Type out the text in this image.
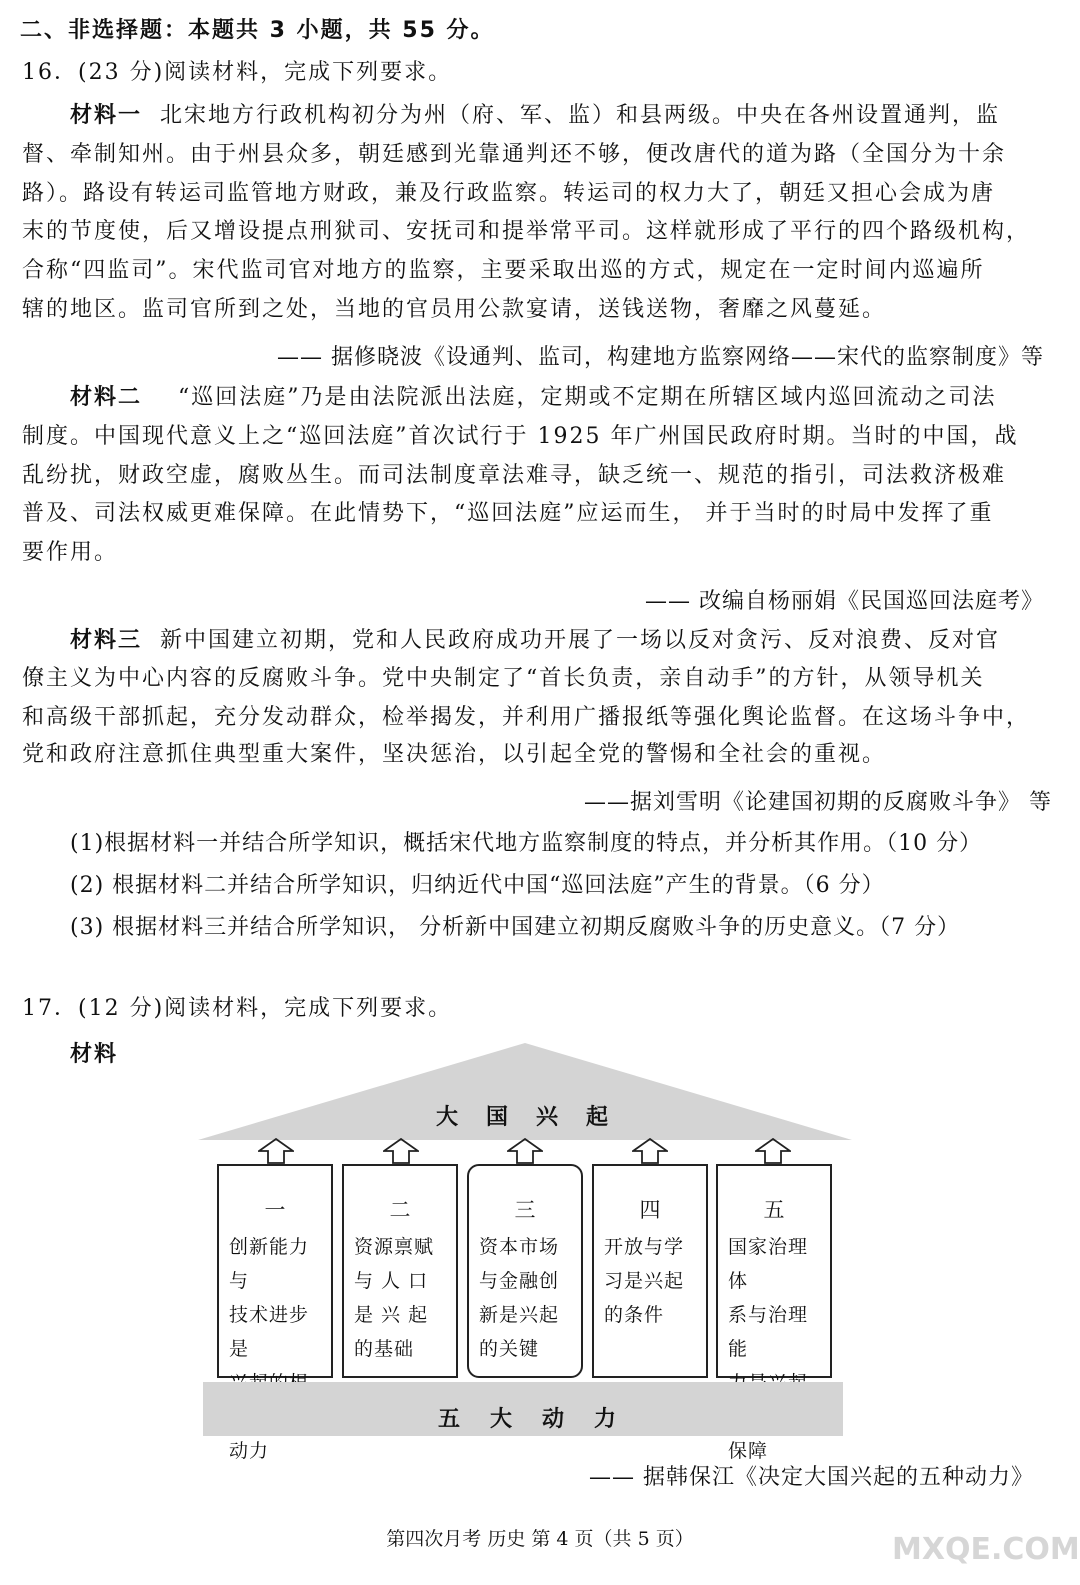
二、非选择题：本题共 3 小题，共 55 分。
16．(23 分)阅读材料，完成下列要求。
材料一 北宋地方行政机构初分为州（府、军、监）和县两级。中央在各州设置通判，监
督、牵制知州。由于州县众多，朝廷感到光靠通判还不够，便改唐代的道为路（全国分为十余
路）。路设有转运司监管地方财政，兼及行政监察。转运司的权力大了，朝廷又担心会成为唐
末的节度使，后又增设提点刑狱司、安抚司和提举常平司。这样就形成了平行的四个路级机构，
合称“四监司”。宋代监司官对地方的监察，主要采取出巡的方式，规定在一定时间内巡遍所
辖的地区。监司官所到之处，当地的官员用公款宴请，送钱送物，奢靡之风蔓延。
—— 据修晓波《设通判、监司，构建地方监察网络——宋代的监察制度》等
材料二 “巡回法庭”乃是由法院派出法庭，定期或不定期在所辖区域内巡回流动之司法
制度。中国现代意义上之“巡回法庭”首次试行于 1925 年广州国民政府时期。当时的中国，战
乱纷扰，财政空虚，腐败丛生。而司法制度章法难寻，缺乏统一、规范的指引，司法救济极难
普及、司法权威更难保障。在此情势下，“巡回法庭”应运而生， 并于当时的时局中发挥了重
要作用。
—— 改编自杨丽娟《民国巡回法庭考》
材料三 新中国建立初期，党和人民政府成功开展了一场以反对贪污、反对浪费、反对官
僚主义为中心内容的反腐败斗争。党中央制定了“首长负责，亲自动手”的方针，从领导机关
和高级干部抓起，充分发动群众，检举揭发，并利用广播报纸等强化舆论监督。在这场斗争中，
党和政府注意抓住典型重大案件，坚决惩治，以引起全党的警惕和全社会的重视。
——据刘雪明《论建国初期的反腐败斗争》 等
(1)根据材料一并结合所学知识，概括宋代地方监察制度的特点，并分析其作用。（10 分）
(2) 根据材料二并结合所学知识，归纳近代中国“巡回法庭”产生的背景。（6 分）
(3) 根据材料三并结合所学知识， 分析新中国建立初期反腐败斗争的历史意义。（7 分）
17．(12 分)阅读材料，完成下列要求。
材料
大国兴起
一
创新能力与
技术进步是

动力
二
资源禀赋
与 人 口
是 兴 起
的基础
三
资本市场
与金融创
新是兴起
的关键
四
开放与学
习是兴起
的条件
五
国家治理体
系与治理能

保障
五大动力
—— 据韩保江《决定大国兴起的五种动力》
MXQE.COM
第四次月考 历史 第 4 页（共 5 页）
